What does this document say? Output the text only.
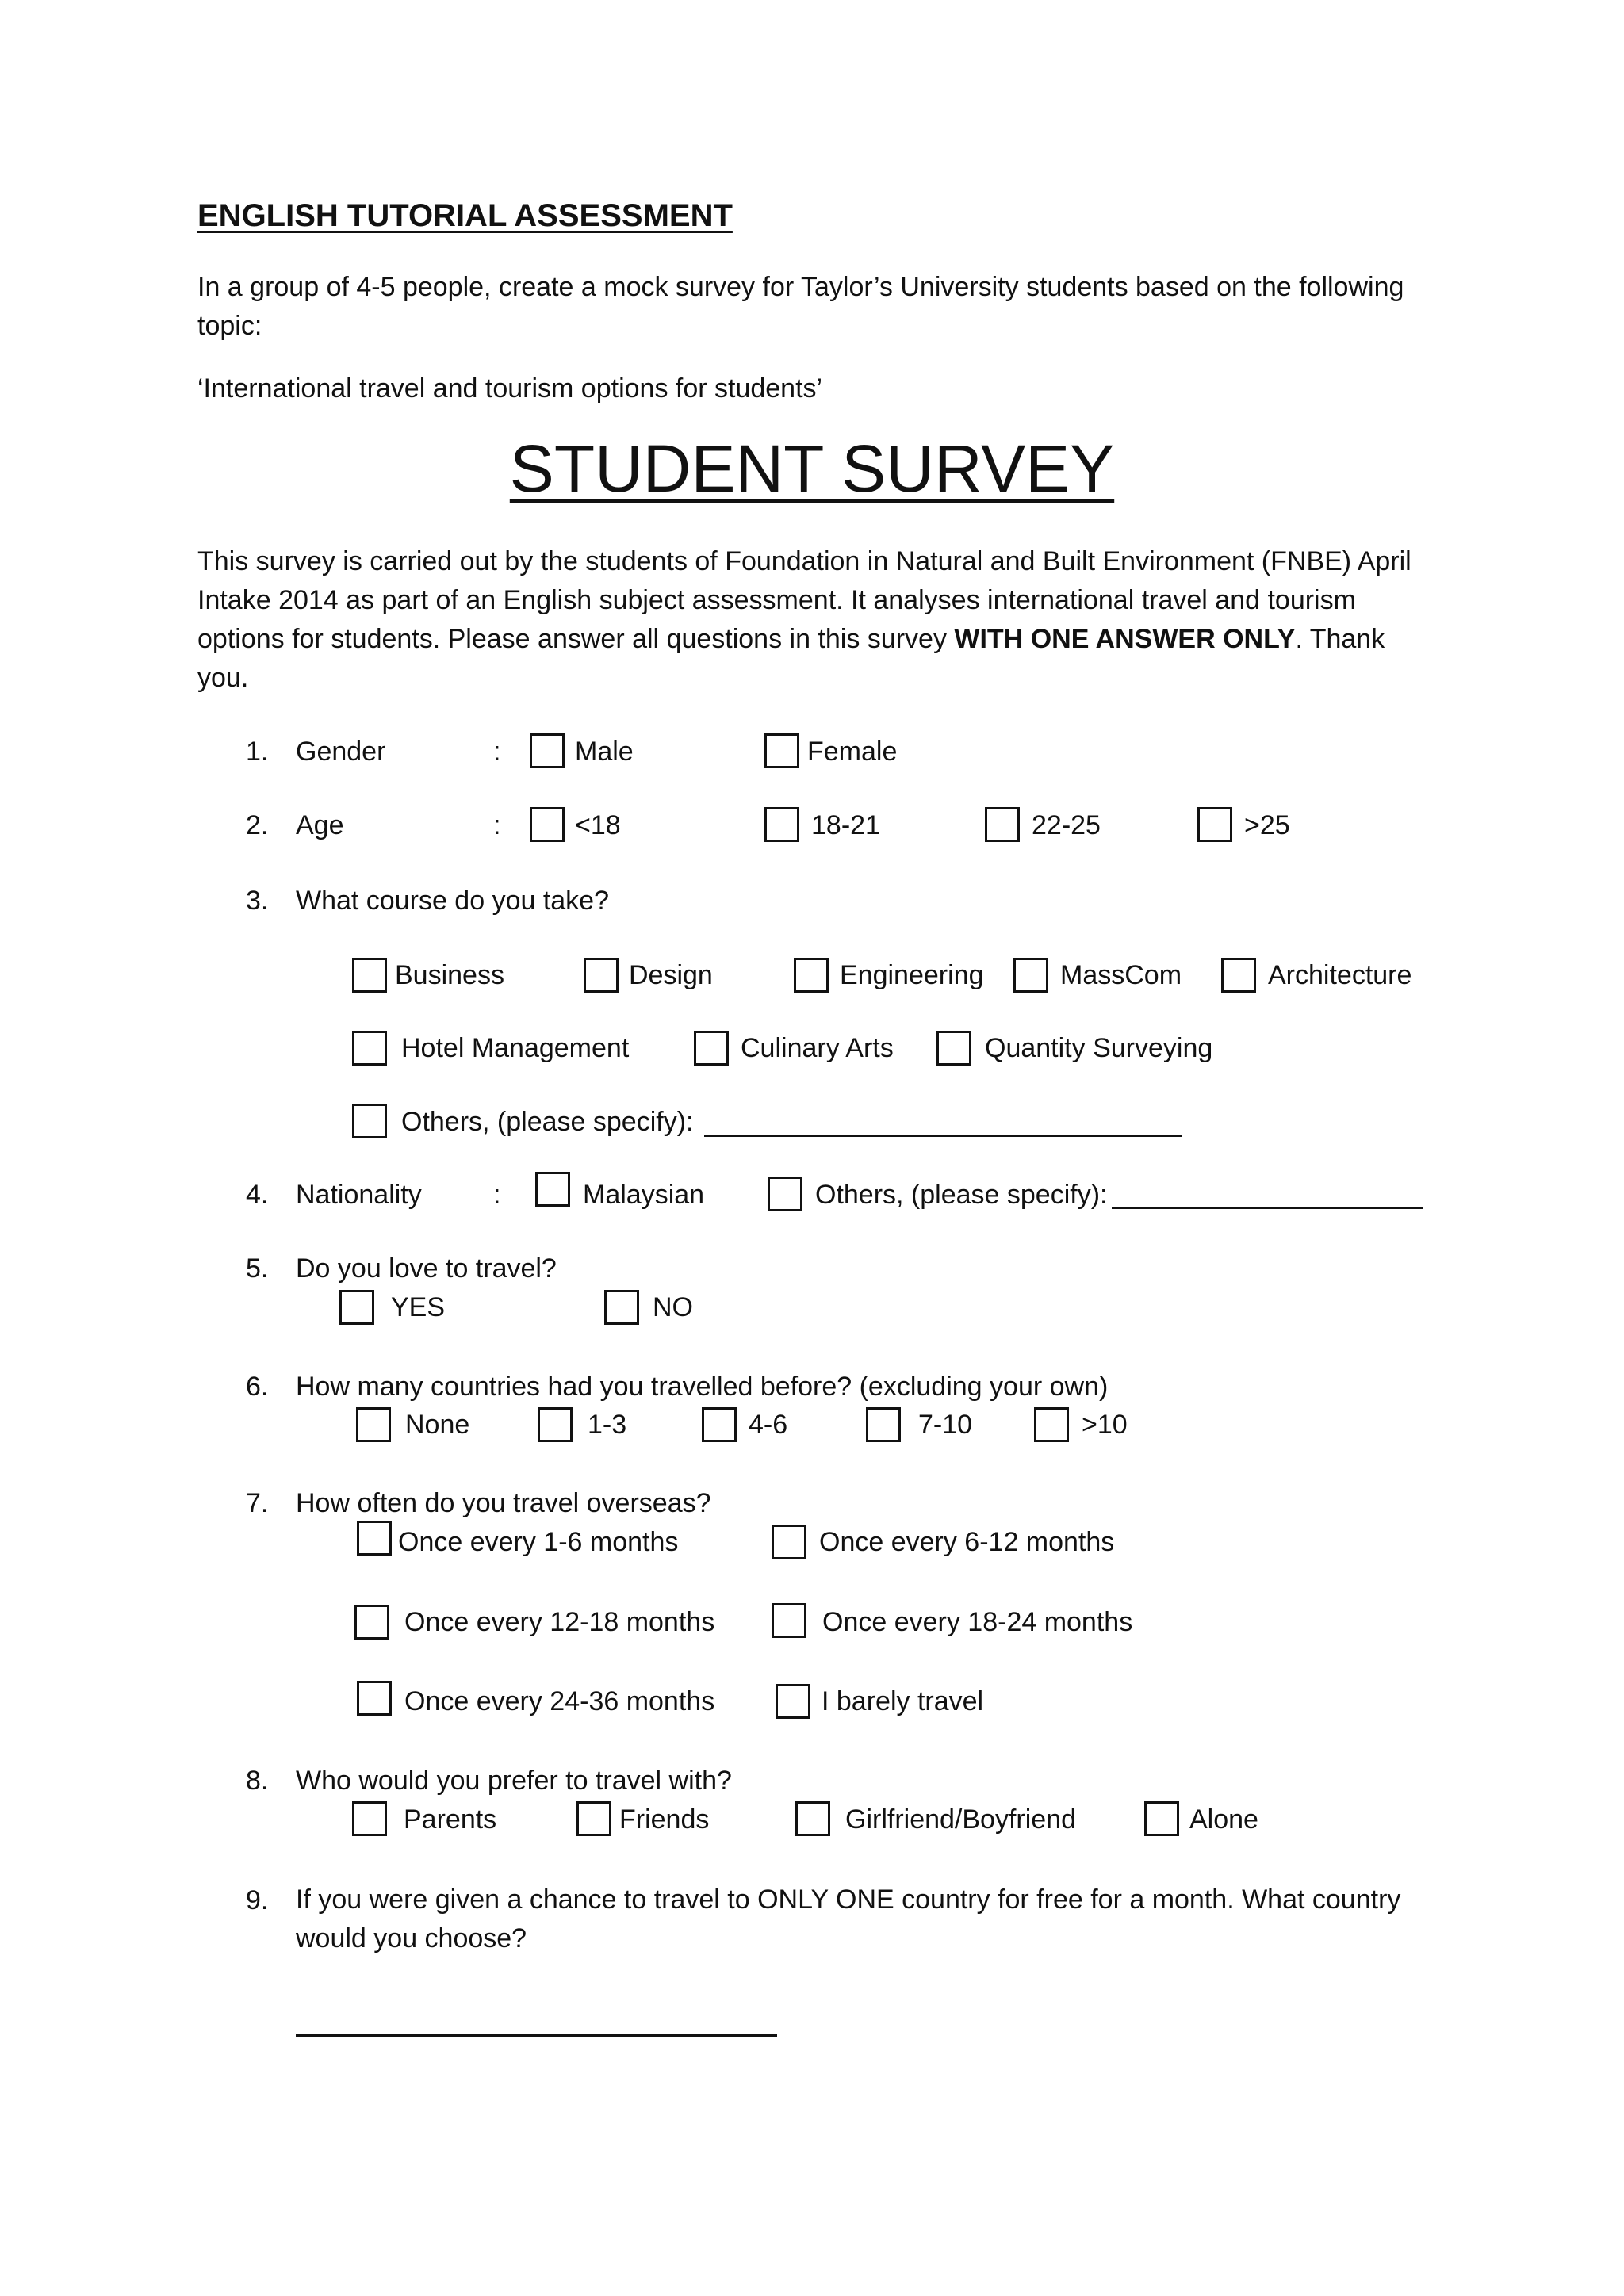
ENGLISH TUTORIAL ASSESSMENT
In a group of 4-5 people, create a mock survey for Taylor’s University students based on the following topic:
‘International travel and tourism options for students’
STUDENT SURVEY
This survey is carried out by the students of Foundation in Natural and Built Environment (FNBE) April Intake 2014 as part of an English subject assessment. It analyses international travel and tourism options for students. Please answer all questions in this survey WITH ONE ANSWER ONLY. Thank you.
1. Gender	:	Male	Female
2. Age	:	<18	18-21	22-25	>25
3. What course do you take?
Business	Design	Engineering	MassCom	Architecture
Hotel Management	Culinary Arts	Quantity Surveying
Others, (please specify):
4. Nationality	:	Malaysian	Others, (please specify):
5. Do you love to travel?
YES	NO
6. How many countries had you travelled before? (excluding your own)
None	1-3	4-6	7-10	>10
7. How often do you travel overseas?
Once every 1-6 months	Once every 6-12 months
Once every 12-18 months	Once every 18-24 months
Once every 24-36 months	I barely travel
8. Who would you prefer to travel with?
Parents	Friends	Girlfriend/Boyfriend	Alone
9. If you were given a chance to travel to ONLY ONE country for free for a month. What country would you choose?
